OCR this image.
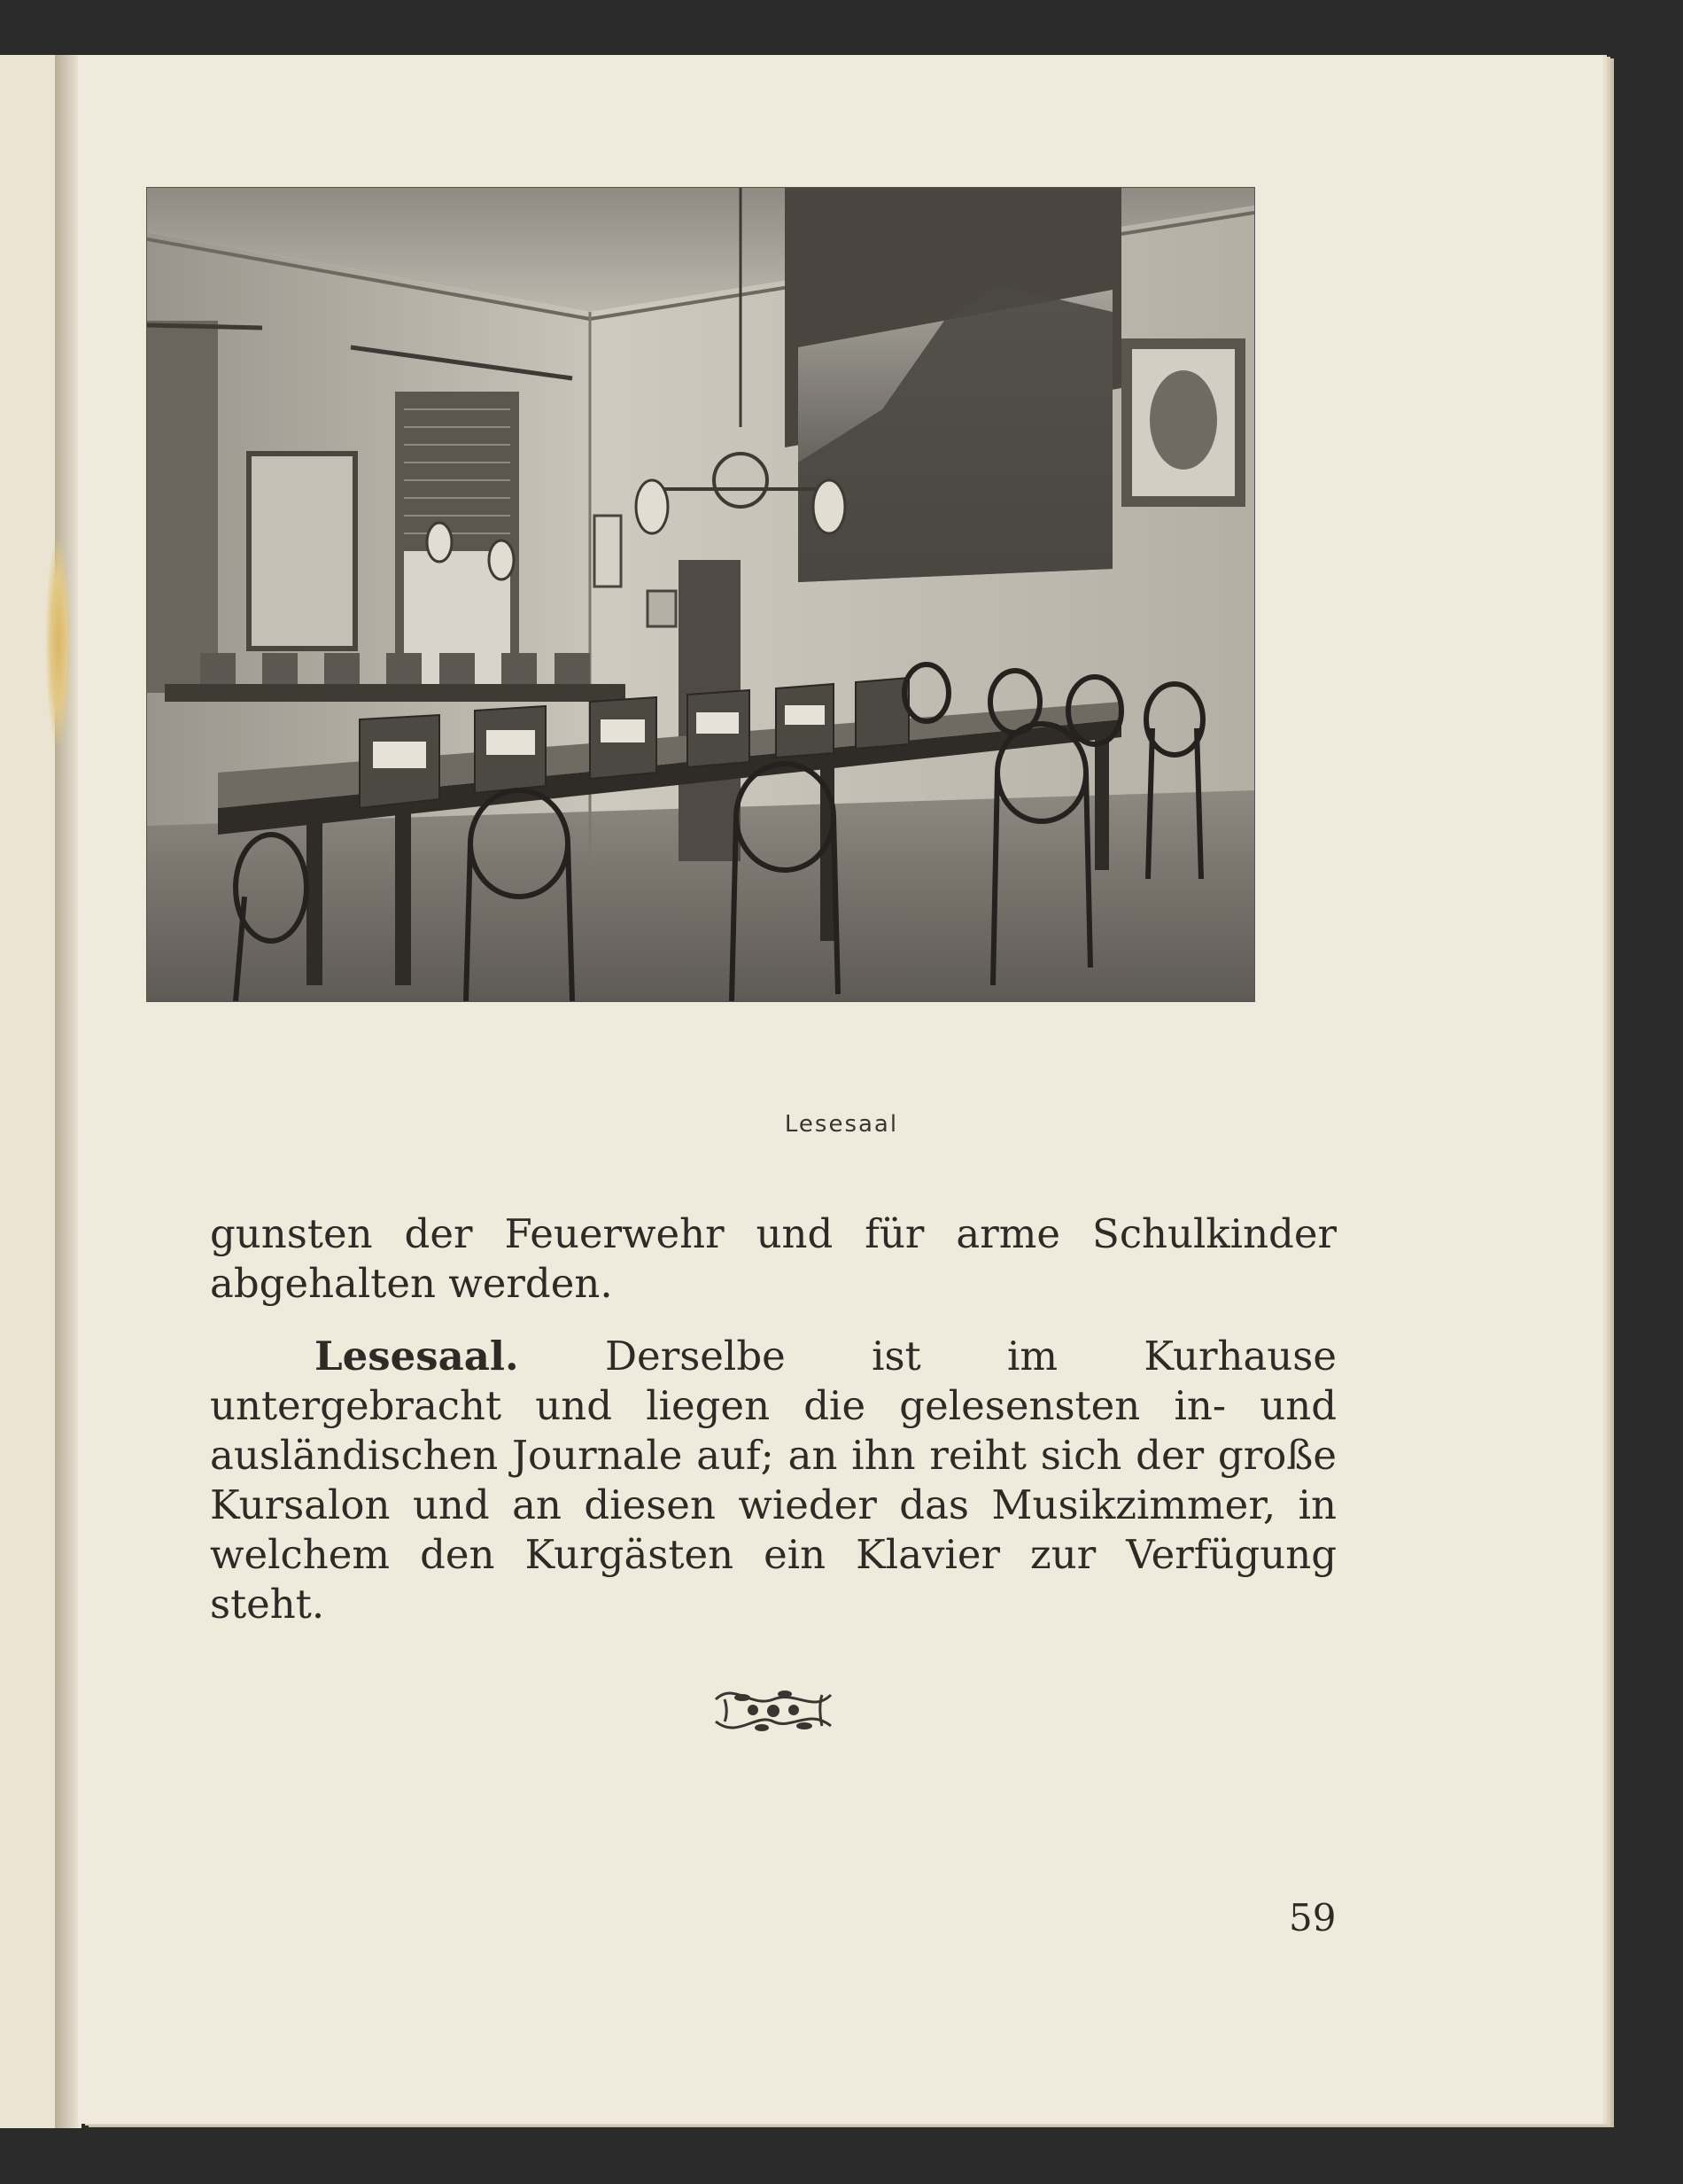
Lesesaal

gunsten der Feuerwehr und für arme Schulkinder abgehalten werden.

Lesesaal. Derselbe ist im Kurhause untergebracht und liegen die gelesensten in- und ausländischen Journale auf; an ihn reiht sich der große Kursalon und an diesen wieder das Musikzimmer, in welchem den Kurgästen ein Klavier zur Verfügung steht.

59
